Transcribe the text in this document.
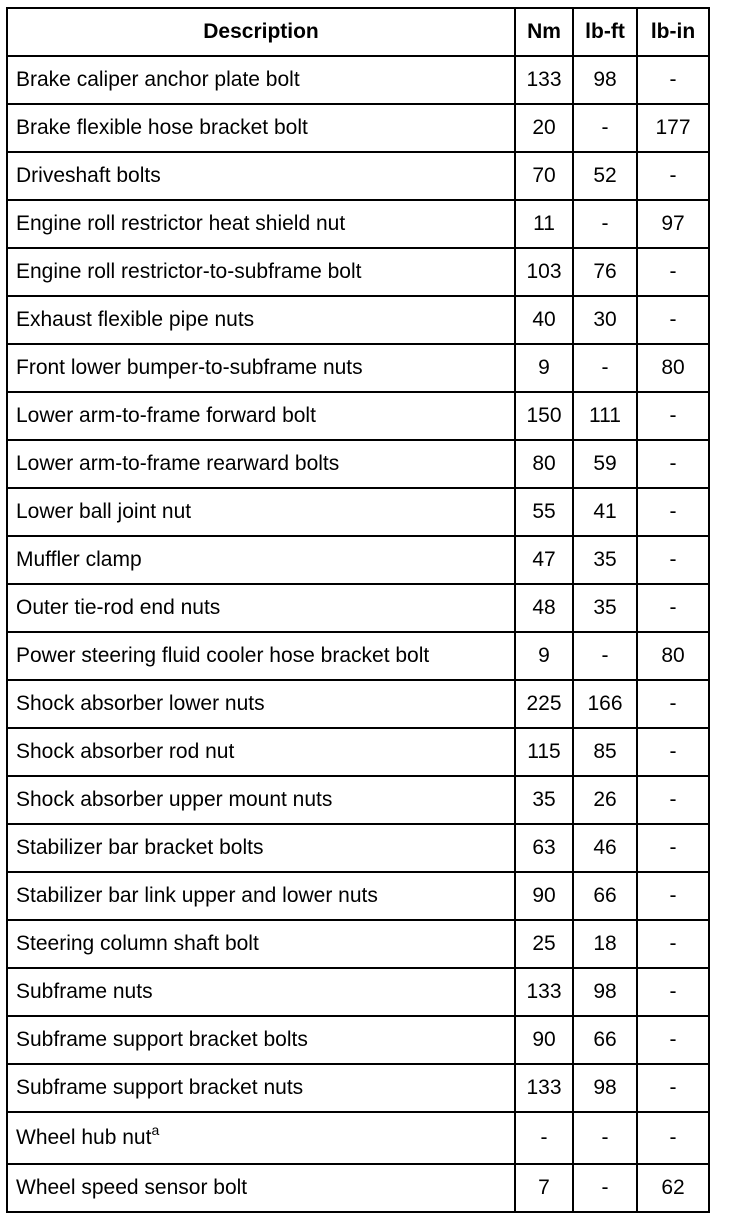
Description	Nm	lb-ft	lb-in
Brake caliper anchor plate bolt	133	98	-
Brake flexible hose bracket bolt	20	-	177
Driveshaft bolts	70	52	-
Engine roll restrictor heat shield nut	11	-	97
Engine roll restrictor-to-subframe bolt	103	76	-
Exhaust flexible pipe nuts	40	30	-
Front lower bumper-to-subframe nuts	9	-	80
Lower arm-to-frame forward bolt	150	111	-
Lower arm-to-frame rearward bolts	80	59	-
Lower ball joint nut	55	41	-
Muffler clamp	47	35	-
Outer tie-rod end nuts	48	35	-
Power steering fluid cooler hose bracket bolt	9	-	80
Shock absorber lower nuts	225	166	-
Shock absorber rod nut	115	85	-
Shock absorber upper mount nuts	35	26	-
Stabilizer bar bracket bolts	63	46	-
Stabilizer bar link upper and lower nuts	90	66	-
Steering column shaft bolt	25	18	-
Subframe nuts	133	98	-
Subframe support bracket bolts	90	66	-
Subframe support bracket nuts	133	98	-
Wheel hub nut$^a$	-	-	-
Wheel speed sensor bolt	7	-	62
